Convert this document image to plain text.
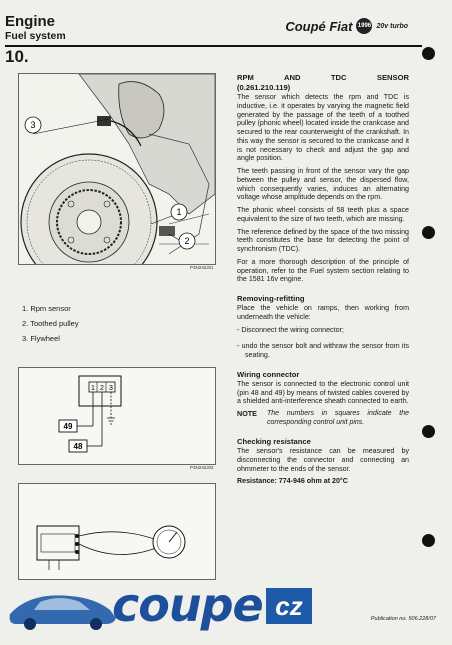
Engine
Fuel system
Coupé Fiat 1996 20v turbo
10.
3
1
2
P3N240J01
1. Rpm sensor
2. Toothed pulley
3. Flywheel
1 2 3
49
48
P3N240J02
RPM	AND	TDC	SENSOR
(0.261.210.119)

The sensor which detects the rpm and TDC is inductive, i.e. it operates by varying the magnetic field generated by the passage of the teeth of a toothed pulley (phonic wheel) located inside the crankcase and secured to the rear counterweight of the crankshaft. In this way the sensor is secured to the crankcase and it is not necessary to check and adjust the gap and angle position.

The teeth passing in front of the sensor vary the gap between the pulley and sensor, the dispersed flow, which consequently varies, induces an alternating voltage whose amplitude depends on the rpm.

The phonic wheel consists of 58 teeth plus a space equivalent to the size of two teeth, which are missing.

The reference defined by the space of the two missing teeth constitutes the base for detecting the point of synchronism (TDC).

For a more thorough description of the principle of operation, refer to the Fuel system section relating to the 1581 16v engine.

Removing-refitting

Place the vehicle on ramps, then working from underneath the vehicle:

- Disconnect the wiring connector;

- undo the sensor bolt and withraw the sensor from its seating.

Wiring connector

The sensor is connected to the electronic control unit (pin 48 and 49) by means of twisted cables covered by a shielded anti-interference sheath connected to earth.

NOTE The numbers in squares indicate the corresponding control unit pins.
Checking resistance

The sensor's resistance can be measured by disconnecting the connector and connecting an ohmmeter to the ends of the sensor.

Resistance: 774-946 ohm at 20°C

coupe cz	Publication no. 506.228/07
